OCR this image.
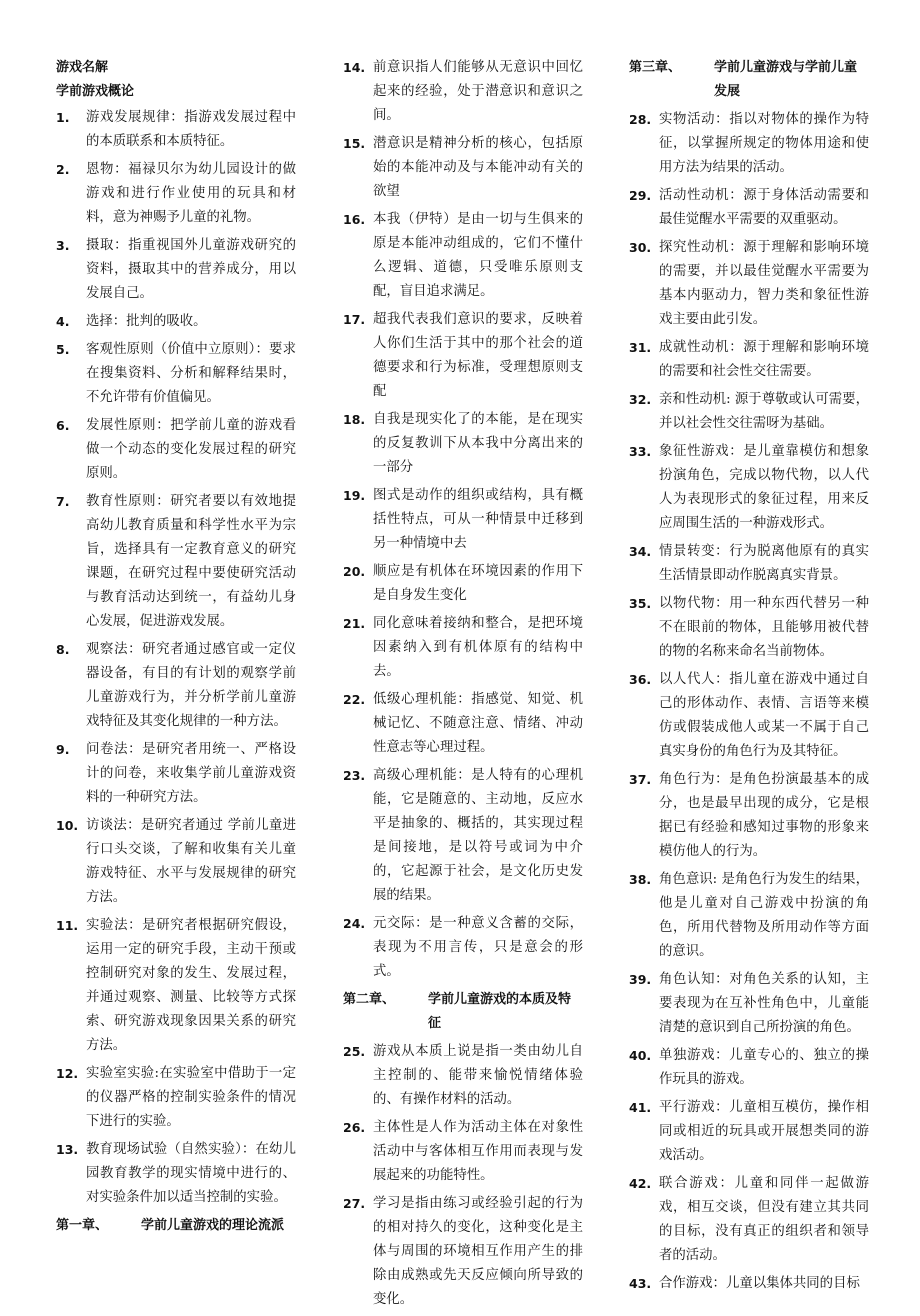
游戏名解
学前游戏概论
1.	游戏发展规律：指游戏发展过程中的本质联系和本质特征。
2.	恩物：福禄贝尔为幼儿园设计的做游戏和进行作业使用的玩具和材料，意为神赐予儿童的礼物。
3.	摄取：指重视国外儿童游戏研究的资料，摄取其中的营养成分，用以发展自己。
4.	选择：批判的吸收。
5.	客观性原则（价值中立原则）：要求在搜集资料、分析和解释结果时，不允许带有价值偏见。
6.	发展性原则：把学前儿童的游戏看做一个动态的变化发展过程的研究原则。
7.	教育性原则：研究者要以有效地提高幼儿教育质量和科学性水平为宗旨，选择具有一定教育意义的研究课题，在研究过程中要使研究活动与教育活动达到统一，有益幼儿身心发展，促进游戏发展。
8.	观察法：研究者通过感官或一定仪器设备，有目的有计划的观察学前儿童游戏行为，并分析学前儿童游戏特征及其变化规律的一种方法。
9.	问卷法：是研究者用统一、严格设计的问卷，来收集学前儿童游戏资料的一种研究方法。
10. 访谈法：是研究者通过 学前儿童进行口头交谈，了解和收集有关儿童游戏特征、水平与发展规律的研究方法。
11. 实验法：是研究者根据研究假设，运用一定的研究手段，主动干预或控制研究对象的发生、发展过程，并通过观察、测量、比较等方式探索、研究游戏现象因果关系的研究方法。
12. 实验室实验:在实验室中借助于一定的仪器严格的控制实验条件的情况下进行的实验。
13. 教育现场试验（自然实验）：在幼儿园教育教学的现实情境中进行的、对实验条件加以适当控制的实验。
第一章、	学前儿童游戏的理论流派
14. 前意识指人们能够从无意识中回忆起来的经验，处于潜意识和意识之间。
15. 潜意识是精神分析的核心，包括原始的本能冲动及与本能冲动有关的欲望
16. 本我（伊特）是由一切与生俱来的原是本能冲动组成的，它们不懂什么逻辑、道德，只受唯乐原则支配，盲目追求满足。
17. 超我代表我们意识的要求，反映着人你们生活于其中的那个社会的道德要求和行为标准，受理想原则支配
18. 自我是现实化了的本能，是在现实的反复教训下从本我中分离出来的一部分
19. 图式是动作的组织或结构，具有概括性特点，可从一种情景中迁移到另一种情境中去
20. 顺应是有机体在环境因素的作用下是自身发生变化
21. 同化意味着接纳和整合，是把环境因素纳入到有机体原有的结构中去。
22. 低级心理机能：指感觉、知觉、机械记忆、不随意注意、情绪、冲动性意志等心理过程。
23. 高级心理机能：是人特有的心理机能，它是随意的、主动地，反应水平是抽象的、概括的，其实现过程是间接地，是以符号或词为中介的，它起源于社会，是文化历史发展的结果。
24. 元交际：是一种意义含蓄的交际，表现为不用言传，只是意会的形式。
第二章、	学前儿童游戏的本质及特征
25. 游戏从本质上说是指一类由幼儿自主控制的、能带来愉悦情绪体验的、有操作材料的活动。
26. 主体性是人作为活动主体在对象性活动中与客体相互作用而表现与发展起来的功能特性。
27. 学习是指由练习或经验引起的行为的相对持久的变化，这种变化是主体与周围的环境相互作用产生的排除由成熟或先天反应倾向所导致的变化。
第三章、	学前儿童游戏与学前儿童发展
28. 实物活动：指以对物体的操作为特征，以掌握所规定的物体用途和使用方法为结果的活动。
29. 活动性动机：源于身体活动需要和最佳觉醒水平需要的双重驱动。
30. 探究性动机：源于理解和影响环境的需要，并以最佳觉醒水平需要为基本内驱动力，智力类和象征性游戏主要由此引发。
31. 成就性动机：源于理解和影响环境的需要和社会性交往需要。
32. 亲和性动机: 源于尊敬或认可需要，并以社会性交往需呀为基础。
33. 象征性游戏：是儿童靠模仿和想象扮演角色，完成以物代物，以人代人为表现形式的象征过程，用来反应周围生活的一种游戏形式。
34. 情景转变：行为脱离他原有的真实生活情景即动作脱离真实背景。
35. 以物代物：用一种东西代替另一种不在眼前的物体，且能够用被代替的物的名称来命名当前物体。
36. 以人代人：指儿童在游戏中通过自己的形体动作、表情、言语等来模仿或假装成他人或某一不属于自己真实身份的角色行为及其特征。
37. 角色行为：是角色扮演最基本的成分，也是最早出现的成分，它是根据已有经验和感知过事物的形象来模仿他人的行为。
38. 角色意识: 是角色行为发生的结果，他是儿童对自己游戏中扮演的角色，所用代替物及所用动作等方面的意识。
39. 角色认知：对角色关系的认知，主要表现为在互补性角色中，儿童能清楚的意识到自己所扮演的角色。
40. 单独游戏：儿童专心的、独立的操作玩具的游戏。
41. 平行游戏：儿童相互模仿，操作相同或相近的玩具或开展想类同的游戏活动。
42. 联合游戏：儿童和同伴一起做游戏，相互交谈，但没有建立其共同的目标，没有真正的组织者和领导者的活动。
43. 合作游戏：儿童以集体共同的目标
